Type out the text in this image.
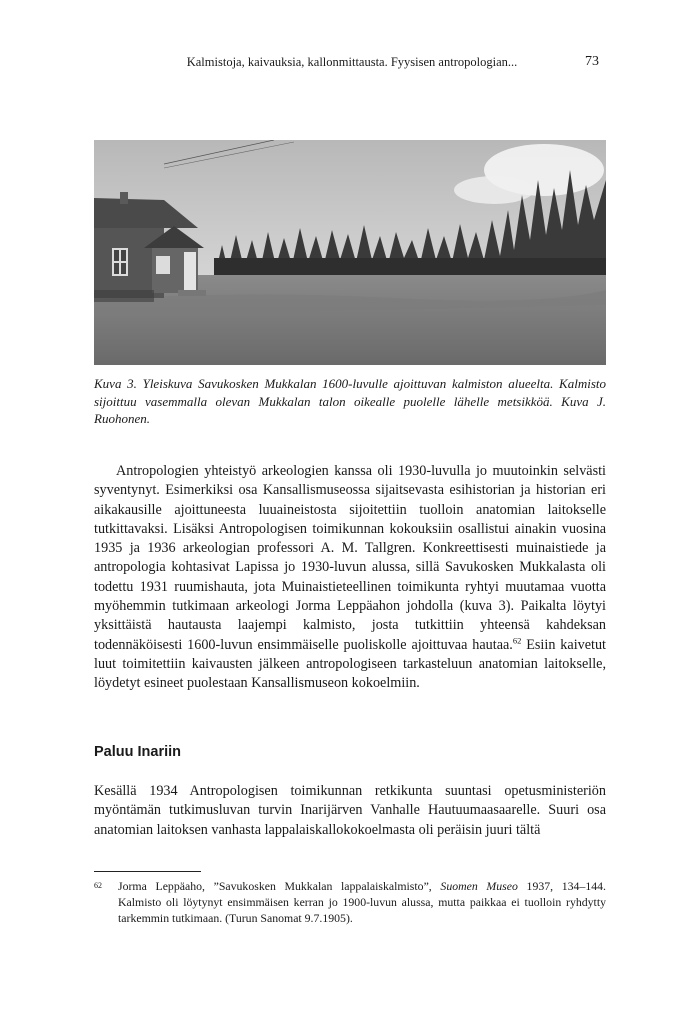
Kalmistoja, kaivauksia, kallonmittausta. Fyysisen antropologian...	73
Kuva 3. Yleiskuva Savukosken Mukkalan 1600-luvulle ajoittuvan kalmiston alueelta. Kalmisto sijoittuu vasemmalla olevan Mukkalan talon oikealle puolelle lähelle metsikköä. Kuva J. Ruohonen.

Antropologien yhteistyö arkeologien kanssa oli 1930-luvulla jo muutoinkin selvästi syventynyt. Esimerkiksi osa Kansallismuseossa sijaitsevasta esihistorian ja historian eri aikakausille ajoittuneesta luuaineistosta sijoitettiin tuolloin anatomian laitokselle tutkittavaksi. Lisäksi Antropologisen toimikunnan kokouksiin osallistui ainakin vuosina 1935 ja 1936 arkeologian professori A. M. Tallgren. Konkreettisesti muinaistiede ja antropologia kohtasivat Lapissa jo 1930-luvun alussa, sillä Savukosken Mukkalasta oli todettu 1931 ruumishauta, jota Muinaistieteellinen toimikunta ryhtyi muutamaa vuotta myöhemmin tutkimaan arkeologi Jorma Leppäahon johdolla (kuva 3). Paikalta löytyi yksittäistä hautausta laajempi kalmisto, josta tutkittiin yhteensä kahdeksan todennäköisesti 1600-luvun ensimmäiselle puoliskolle ajoittuvaa hautaa.$^{62}$ Esiin kaivetut luut toimitettiin kaivausten jälkeen antropologiseen tarkasteluun anatomian laitokselle, löydetyt esineet puolestaan Kansallismuseon kokoelmiin.

Paluu Inariin

Kesällä 1934 Antropologisen toimikunnan retkikunta suuntasi opetusministeriön myöntämän tutkimusluvan turvin Inarijärven Vanhalle Hautuumaasaarelle. Suuri osa anatomian laitoksen vanhasta lappalaiskallokokoelmasta oli peräisin juuri tältä

62 Jorma Leppäaho, ”Savukosken Mukkalan lappalaiskalmisto”, Suomen Museo 1937, 134–144. Kalmisto oli löytynyt ensimmäisen kerran jo 1900-luvun alussa, mutta paikkaa ei tuolloin ryhdytty tarkemmin tutkimaan. (Turun Sanomat 9.7.1905).
